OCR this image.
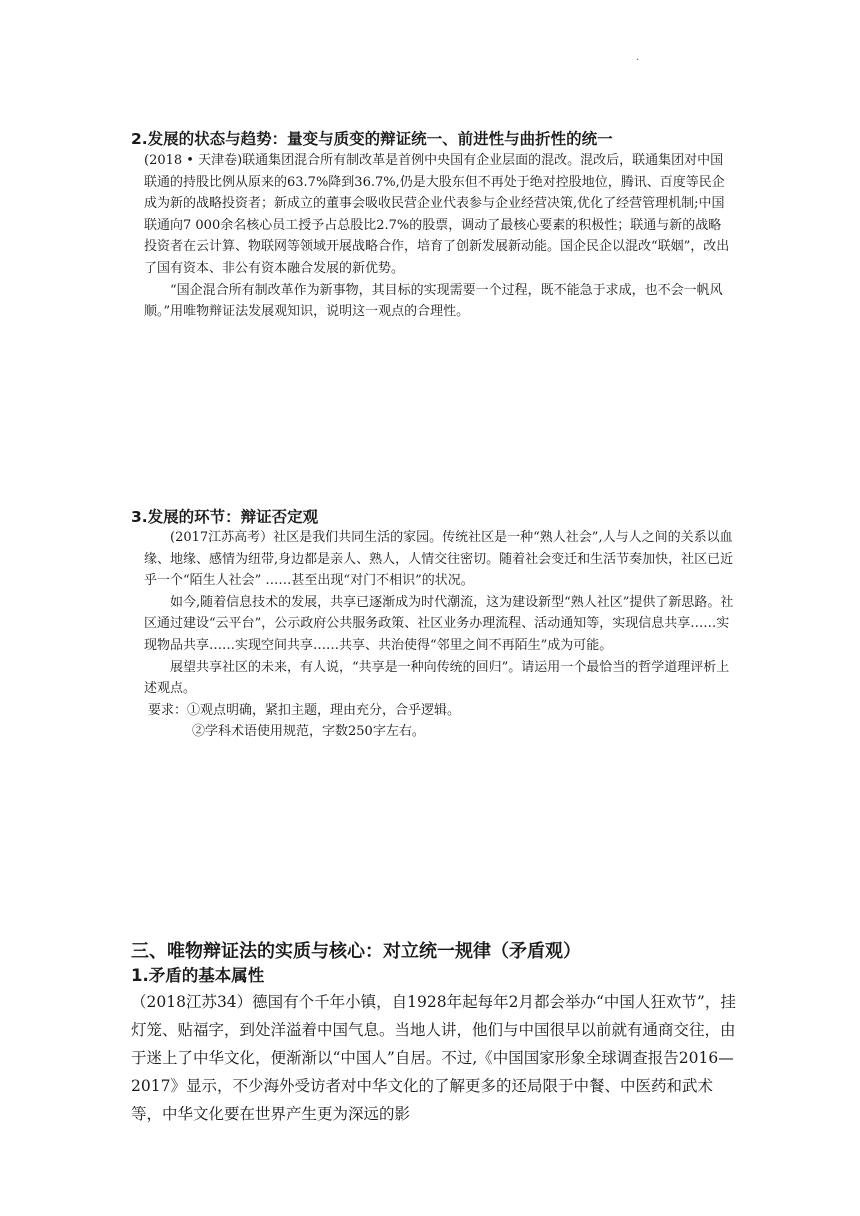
.
2.发展的状态与趋势：量变与质变的辩证统一、前进性与曲折性的统一

(2018 • 天津卷)联通集团混合所有制改革是首例中央国有企业层面的混改。混改后，联通集团对中国联通的持股比例从原来的63.7%降到36.7%,仍是大股东但不再处于绝对控股地位，腾讯、百度等民企成为新的战略投资者；新成立的董事会吸收民营企业代表参与企业经营决策,优化了经营管理机制;中国联通向7 000余名核心员工授予占总股比2.7%的股票，调动了最核心要素的积极性；联通与新的战略投资者在云计算、物联网等领域开展战略合作，培育了创新发展新动能。国企民企以混改“联姻”，改出了国有资本、非公有资本融合发展的新优势。

“国企混合所有制改革作为新事物，其目标的实现需要一个过程，既不能急于求成，也不会一帆风顺。”用唯物辩证法发展观知识，说明这一观点的合理性。

3.发展的环节：辩证否定观

(2017江苏高考）社区是我们共同生活的家园。传统社区是一种“熟人社会”,人与人之间的关系以血缘、地缘、感情为纽带,身边都是亲人、熟人，人情交往密切。随着社会变迁和生活节奏加快，社区已近乎一个“陌生人社会” ……甚至出现“对门不相识”的状况。

如今,随着信息技术的发展，共享已逐渐成为时代潮流，这为建设新型“熟人社区”提供了新思路。社区通过建设“云平台”，公示政府公共服务政策、社区业务办理流程、活动通知等，实现信息共享……实现物品共享……实现空间共享……共享、共治使得“邻里之间不再陌生”成为可能。

展望共享社区的未来，有人说，“共享是一种向传统的回归”。请运用一个最恰当的哲学道理评析上述观点。

要求：①观点明确，紧扣主题，理由充分，合乎逻辑。

②学科术语使用规范，字数250字左右。

三、唯物辩证法的实质与核心：对立统一规律（矛盾观）
1.矛盾的基本属性

（2018江苏34）德国有个千年小镇，自1928年起每年2月都会举办“中国人狂欢节”，挂灯笼、贴福字，到处洋溢着中国气息。当地人讲，他们与中国很早以前就有通商交往，由于迷上了中华文化，便渐渐以“中国人”自居。不过,《中国国家形象全球调查报告2016—2017》显示，不少海外受访者对中华文化的了解更多的还局限于中餐、中医药和武术等，中华文化要在世界产生更为深远的影
